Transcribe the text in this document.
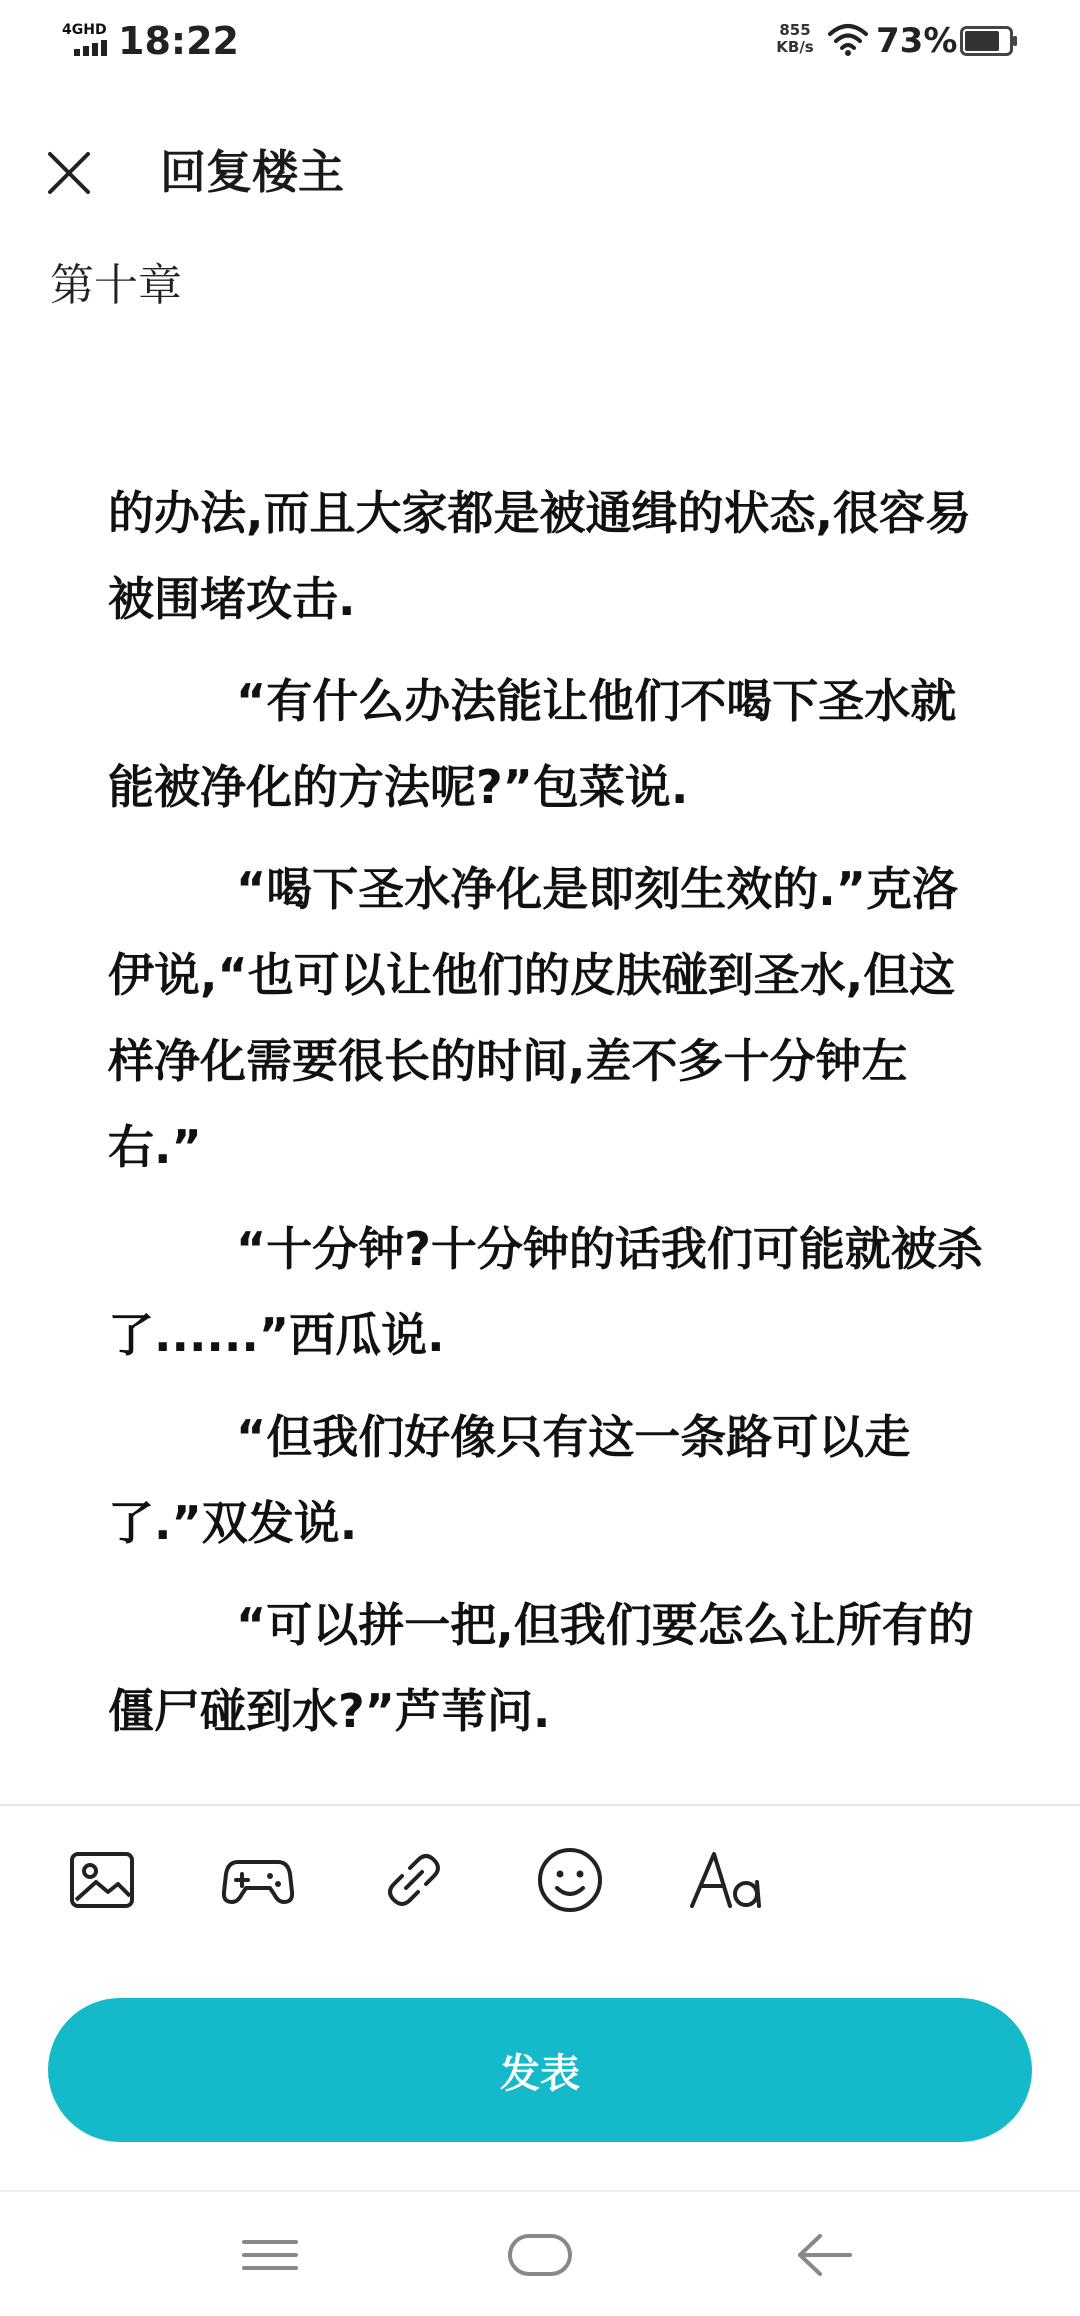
4GHD 18:22	855
KB/s 73%
回复楼主
第十章

的办法,而且大家都是被通缉的状态,很容易被围堵攻击.

“有什么办法能让他们不喝下圣水就能被净化的方法呢?”包菜说.

“喝下圣水净化是即刻生效的.”克洛伊说,“也可以让他们的皮肤碰到圣水,但这样净化需要很长的时间,差不多十分钟左右.”

“十分钟?十分钟的话我们可能就被杀了......”西瓜说.

“但我们好像只有这一条路可以走了.”双发说.

“可以拼一把,但我们要怎么让所有的僵尸碰到水?”芦苇问.

发表
